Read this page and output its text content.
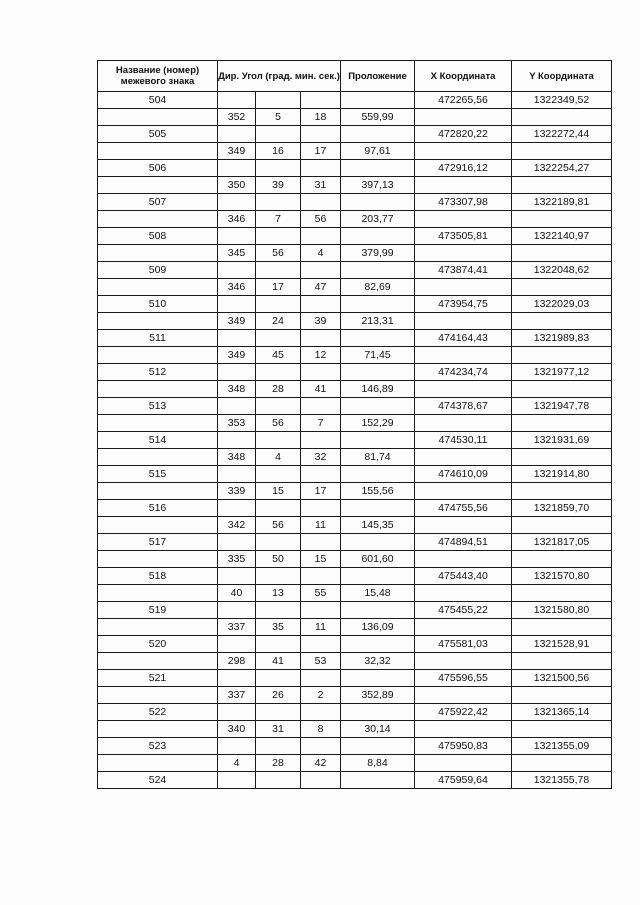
Название (номер) межевого знака	Дир. Угол (град. мин. сек.)			Проложение	X Координата	Y Координата
504					472265,56	1322349,52
	352	5	18	559,99		
505					472820,22	1322272,44
	349	16	17	97,61		
506					472916,12	1322254,27
	350	39	31	397,13		
507					473307,98	1322189,81
	346	7	56	203,77		
508					473505,81	1322140,97
	345	56	4	379,99		
509					473874,41	1322048,62
	346	17	47	82,69		
510					473954,75	1322029,03
	349	24	39	213,31		
511					474164,43	1321989,83
	349	45	12	71,45		
512					474234,74	1321977,12
	348	28	41	146,89		
513					474378,67	1321947,78
	353	56	7	152,29		
514					474530,11	1321931,69
	348	4	32	81,74		
515					474610,09	1321914,80
	339	15	17	155,56		
516					474755,56	1321859,70
	342	56	11	145,35		
517					474894,51	1321817,05
	335	50	15	601,60		
518					475443,40	1321570,80
	40	13	55	15,48		
519					475455,22	1321580,80
	337	35	11	136,09		
520					475581,03	1321528,91
	298	41	53	32,32		
521					475596,55	1321500,56
	337	26	2	352,89		
522					475922,42	1321365,14
	340	31	8	30,14		
523					475950,83	1321355,09
	4	28	42	8,84		
524					475959,64	1321355,78
